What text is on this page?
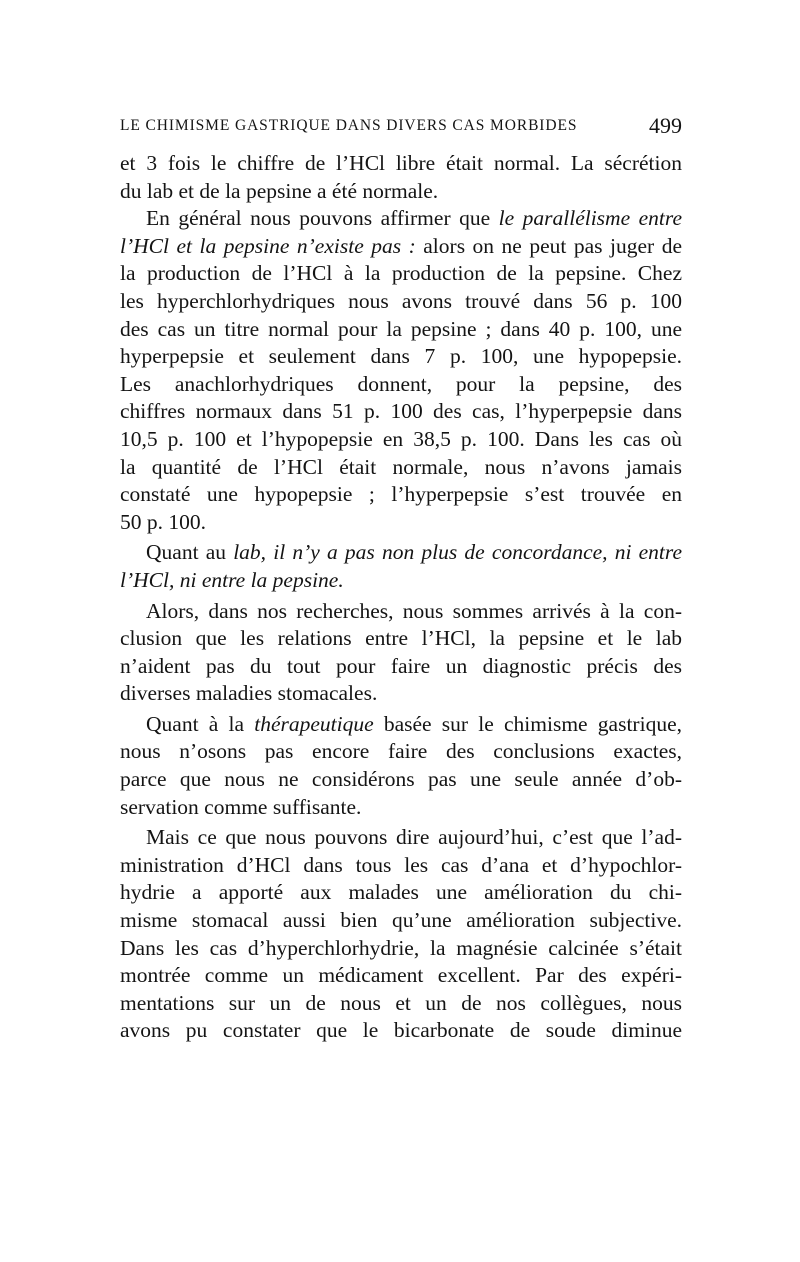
LE CHIMISME GASTRIQUE DANS DIVERS CAS MORBIDES	499
et 3 fois le chiffre de l’HCl libre était normal. La sécrétion
du lab et de la pepsine a été normale.
En général nous pouvons affirmer que le parallélisme entre
l’HCl et la pepsine n’existe pas : alors on ne peut pas juger de
la production de l’HCl à la production de la pepsine. Chez
les hyperchlorhydriques nous avons trouvé dans 56 p. 100
des cas un titre normal pour la pepsine ; dans 40 p. 100, une
hyperpepsie et seulement dans 7 p. 100, une hypopepsie.
Les anachlorhydriques donnent, pour la pepsine, des
chiffres normaux dans 51 p. 100 des cas, l’hyperpepsie dans
10,5 p. 100 et l’hypopepsie en 38,5 p. 100. Dans les cas où
la quantité de l’HCl était normale, nous n’avons jamais
constaté une hypopepsie ; l’hyperpepsie s’est trouvée en
50 p. 100.
Quant au lab, il n’y a pas non plus de concordance, ni entre
l’HCl, ni entre la pepsine.
Alors, dans nos recherches, nous sommes arrivés à la con-
clusion que les relations entre l’HCl, la pepsine et le lab
n’aident pas du tout pour faire un diagnostic précis des
diverses maladies stomacales.
Quant à la thérapeutique basée sur le chimisme gastrique,
nous n’osons pas encore faire des conclusions exactes,
parce que nous ne considérons pas une seule année d’ob-
servation comme suffisante.
Mais ce que nous pouvons dire aujourd’hui, c’est que l’ad-
ministration d’HCl dans tous les cas d’ana et d’hypochlor-
hydrie a apporté aux malades une amélioration du chi-
misme stomacal aussi bien qu’une amélioration subjective.
Dans les cas d’hyperchlorhydrie, la magnésie calcinée s’était
montrée comme un médicament excellent. Par des expéri-
mentations sur un de nous et un de nos collègues, nous
avons pu constater que le bicarbonate de soude diminue
